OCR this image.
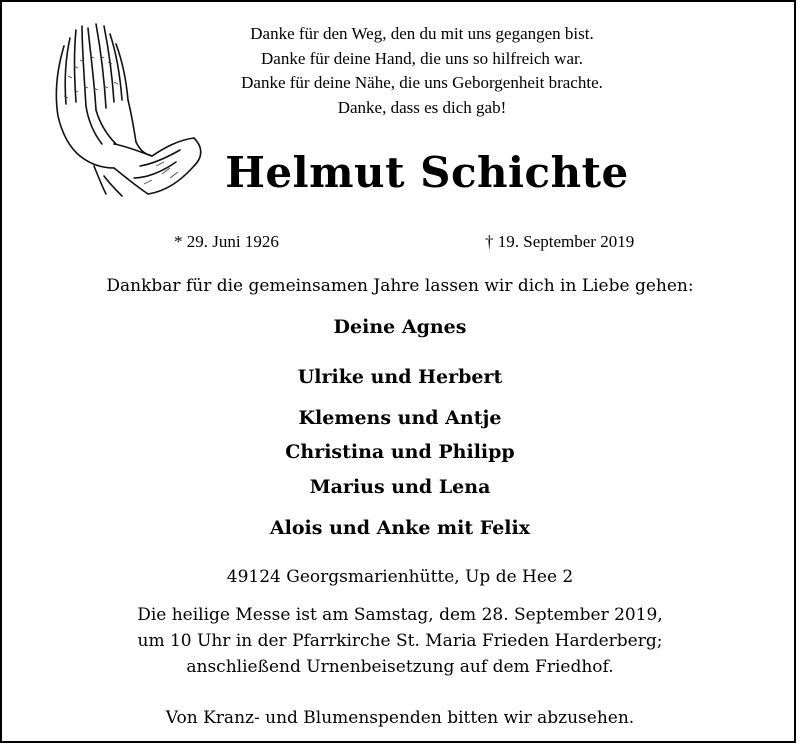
Danke für den Weg, den du mit uns gegangen bist.
Danke für deine Hand, die uns so hilfreich war.
Danke für deine Nähe, die uns Geborgenheit brachte.
Danke, dass es dich gab!
Helmut Schichte
* 29. Juni 1926	† 19. September 2019
Dankbar für die gemeinsamen Jahre lassen wir dich in Liebe gehen:
Deine Agnes
Ulrike und Herbert
Klemens und Antje
Christina und Philipp
Marius und Lena
Alois und Anke mit Felix
49124 Georgsmarienhütte, Up de Hee 2
Die heilige Messe ist am Samstag, dem 28. September 2019,
um 10 Uhr in der Pfarrkirche St. Maria Frieden Harderberg;
anschließend Urnenbeisetzung auf dem Friedhof.
Von Kranz- und Blumenspenden bitten wir abzusehen.
